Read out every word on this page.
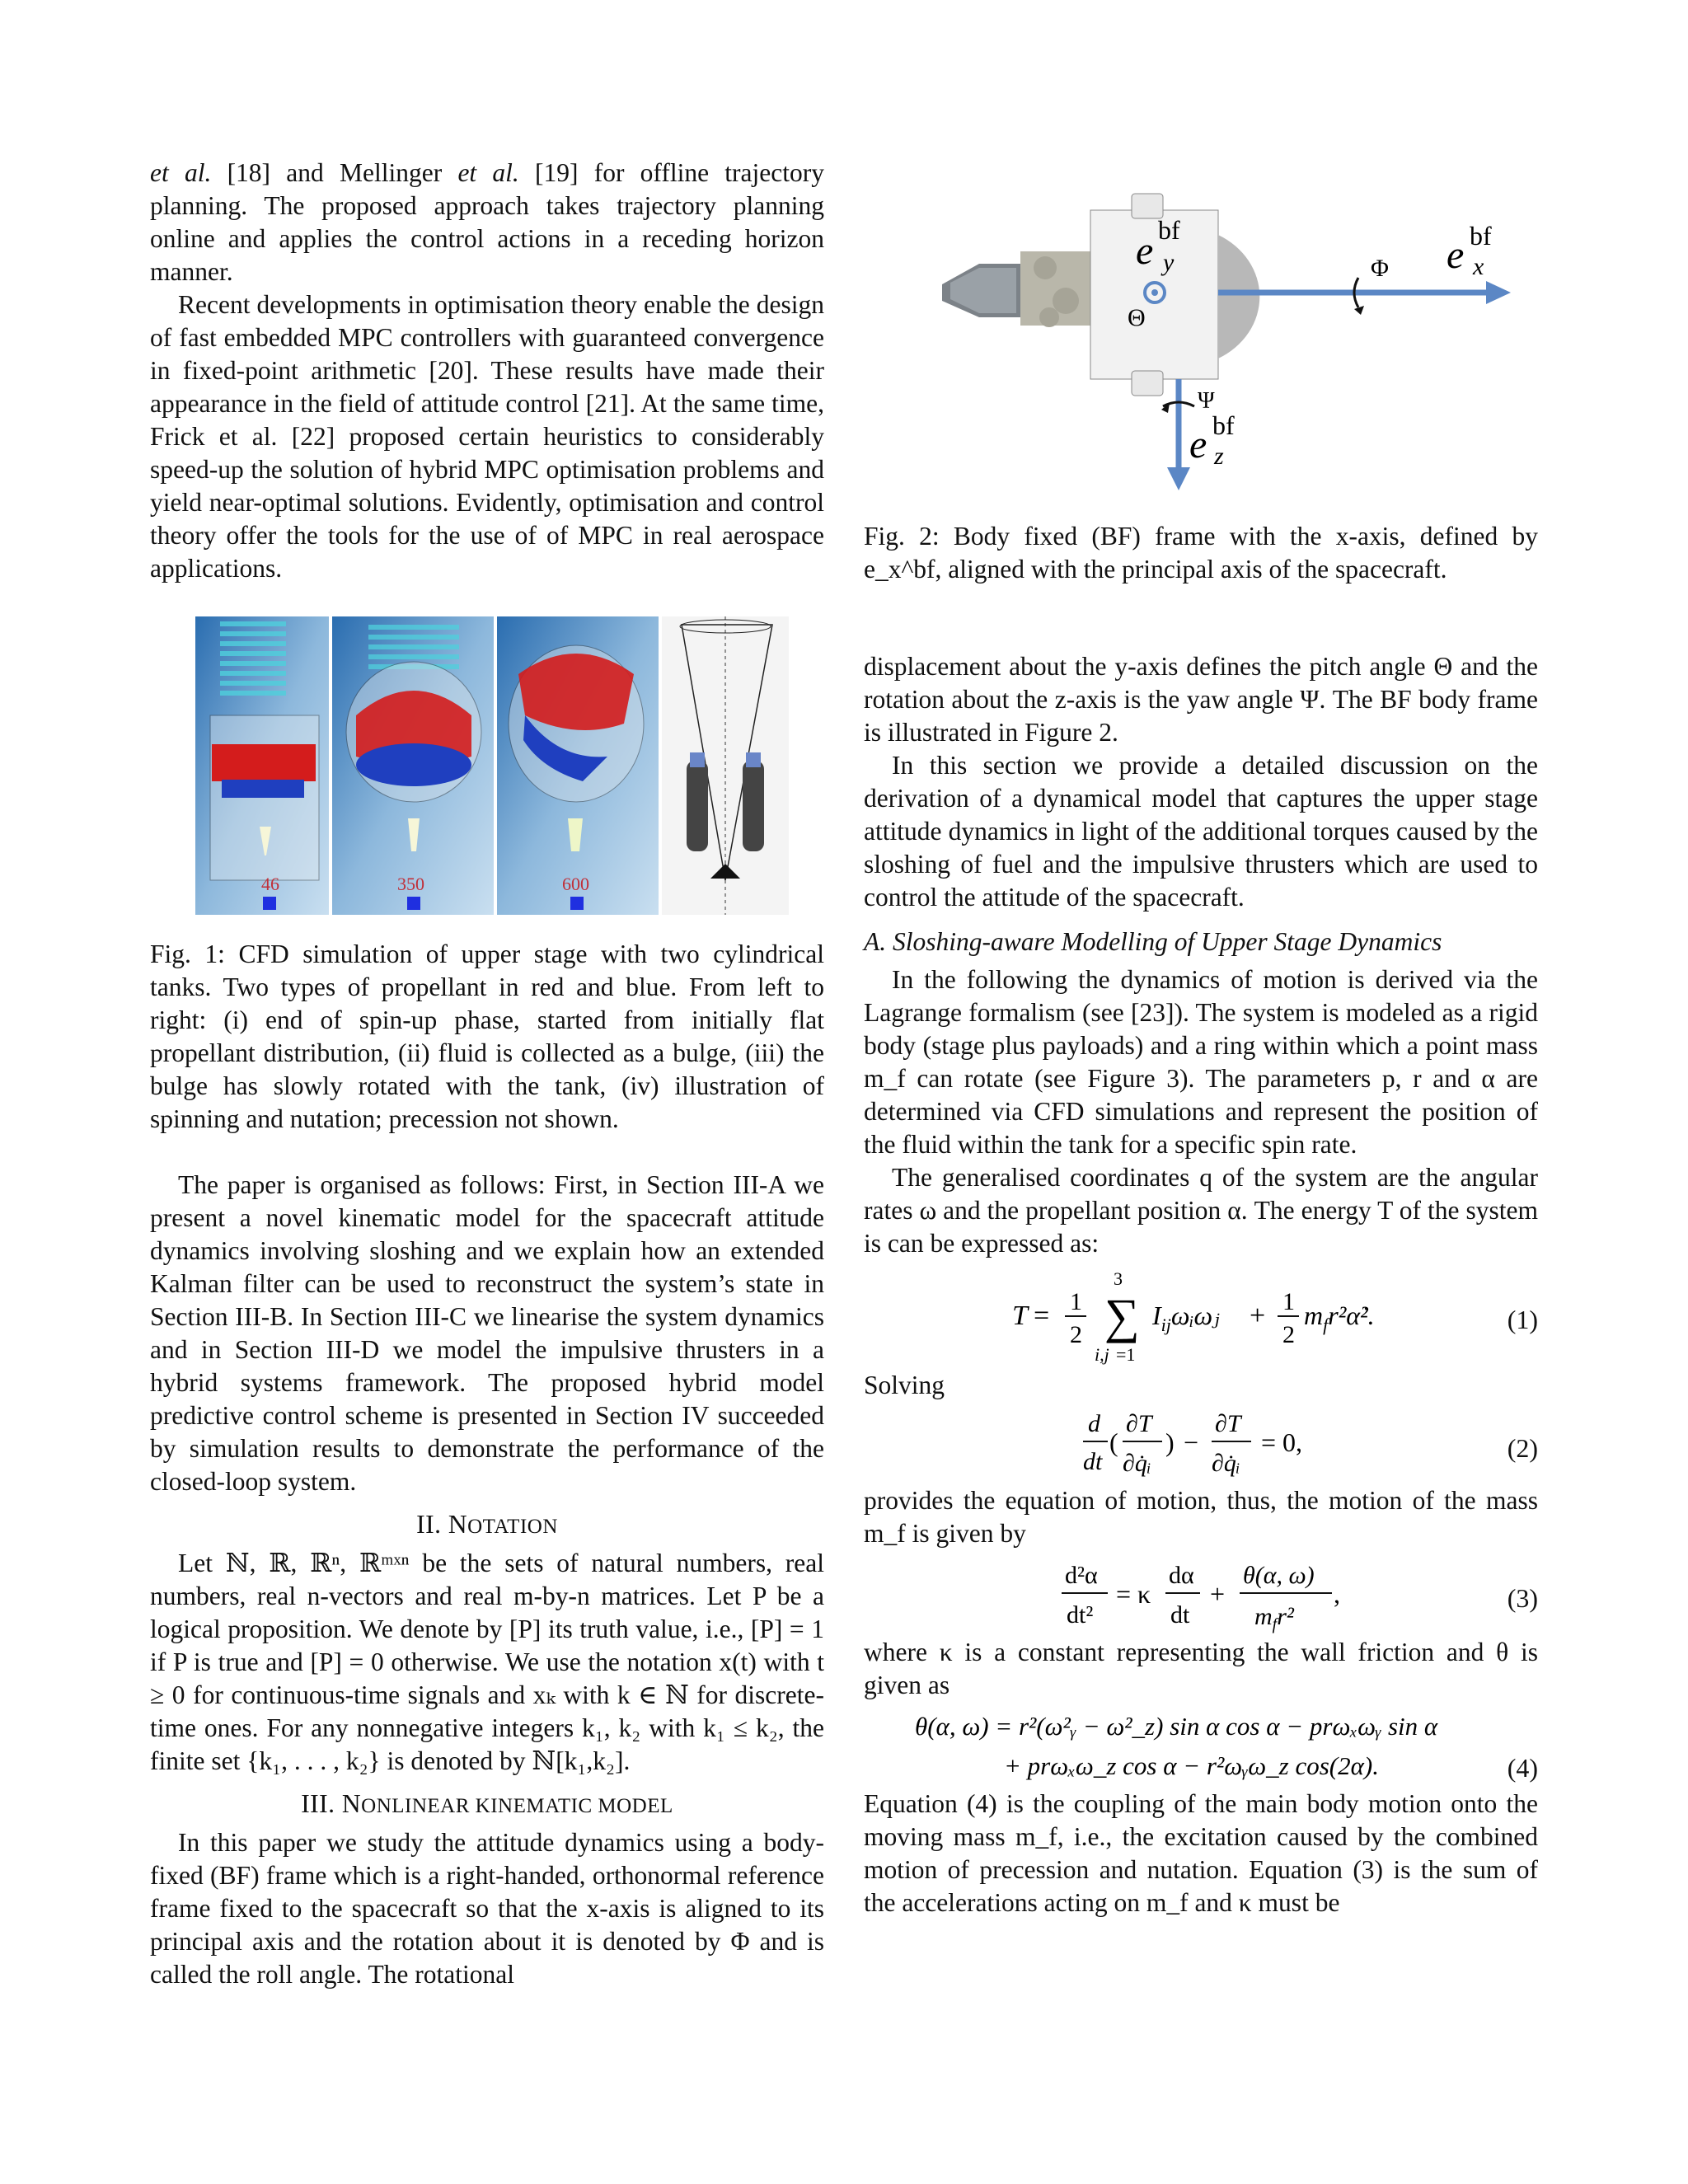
et al. [18] and Mellinger et al. [19] for offline trajectory planning. The proposed approach takes trajectory planning online and applies the control actions in a receding horizon manner.

Recent developments in optimisation theory enable the design of fast embedded MPC controllers with guaranteed convergence in fixed-point arithmetic [20]. These results have made their appearance in the field of attitude control [21]. At the same time, Frick et al. [22] proposed certain heuristics to considerably speed-up the solution of hybrid MPC optimisation problems and yield near-optimal solutions. Evidently, optimisation and control theory offer the tools for the use of of MPC in real aerospace applications.

46	350	600

Fig. 1: CFD simulation of upper stage with two cylindrical tanks. Two types of propellant in red and blue. From left to right: (i) end of spin-up phase, started from initially flat propellant distribution, (ii) fluid is collected as a bulge, (iii) the bulge has slowly rotated with the tank, (iv) illustration of spinning and nutation; precession not shown.

The paper is organised as follows: First, in Section III-A we present a novel kinematic model for the spacecraft attitude dynamics involving sloshing and we explain how an extended Kalman filter can be used to reconstruct the system’s state in Section III-B. In Section III-C we linearise the system dynamics and in Section III-D we model the impulsive thrusters in a hybrid systems framework. The proposed hybrid model predictive control scheme is presented in Section IV succeeded by simulation results to demonstrate the performance of the closed-loop system.

II. NOTATION

Let ℕ, ℝ, ℝⁿ, ℝᵐˣⁿ be the sets of natural numbers, real numbers, real n-vectors and real m-by-n matrices. Let P be a logical proposition. We denote by [P] its truth value, i.e., [P] = 1 if P is true and [P] = 0 otherwise. We use the notation x(t) with t ≥ 0 for continuous-time signals and xₖ with k ∈ ℕ for discrete-time ones. For any nonnegative integers k₁, k₂ with k₁ ≤ k₂, the finite set {k₁, . . . , k₂} is denoted by ℕ[k₁,k₂].

III. NONLINEAR KINEMATIC MODEL

In this paper we study the attitude dynamics using a body-fixed (BF) frame which is a right-handed, orthonormal reference frame fixed to the spacecraft so that the x-axis is aligned to its principal axis and the rotation about it is denoted by Φ and is called the roll angle. The rotational

Φ e bf
x
e bf
y
Θ
Ψ
e bf
z

Fig. 2: Body fixed (BF) frame with the x-axis, defined by e_x^bf, aligned with the principal axis of the spacecraft.

displacement about the y-axis defines the pitch angle Θ and the rotation about the z-axis is the yaw angle Ψ. The BF body frame is illustrated in Figure 2.

In this section we provide a detailed discussion on the derivation of a dynamical model that captures the upper stage attitude dynamics in light of the additional torques caused by the sloshing of fuel and the impulsive thrusters which are used to control the attitude of the spacecraft.

A. Sloshing-aware Modelling of Upper Stage Dynamics

In the following the dynamics of motion is derived via the Lagrange formalism (see [23]). The system is modeled as a rigid body (stage plus payloads) and a ring within which a point mass m_f can rotate (see Figure 3). The parameters p, r and α are determined via CFD simulations and represent the position of the fluid within the tank for a specific spin rate.

The generalised coordinates q of the system are the angular rates ω and the propellant position α. The energy T of the system is can be expressed as:

T = 1
2 ∑
3
i,j =1
$I_{ij}\omega ᵢ\omega ⱼ + 1$
2
$m_fr^2\alphȧ^2$.	(1)

Solving

d
dt
(
∂T
∂q̇ᵢ
) −
∂T
∂q̇ᵢ
= 0,	(2)

provides the equation of motion, thus, the motion of the mass m_f is given by

d²α
dt²
= κ
dα
dt
+
θ(α, ω)
$m_fr^2$
,	(3)

where κ is a constant representing the wall friction and θ is given as

θ(α, ω) = r²(ω²ᵧ − ω²_z) sin α cos α − prωₓωᵧ sin α
+ prωₓω_z cos α − r²ωᵧω_z cos(2α).	(4)

Equation (4) is the coupling of the main body motion onto the moving mass m_f, i.e., the excitation caused by the combined motion of precession and nutation. Equation (3) is the sum of the accelerations acting on m_f and κ must be
